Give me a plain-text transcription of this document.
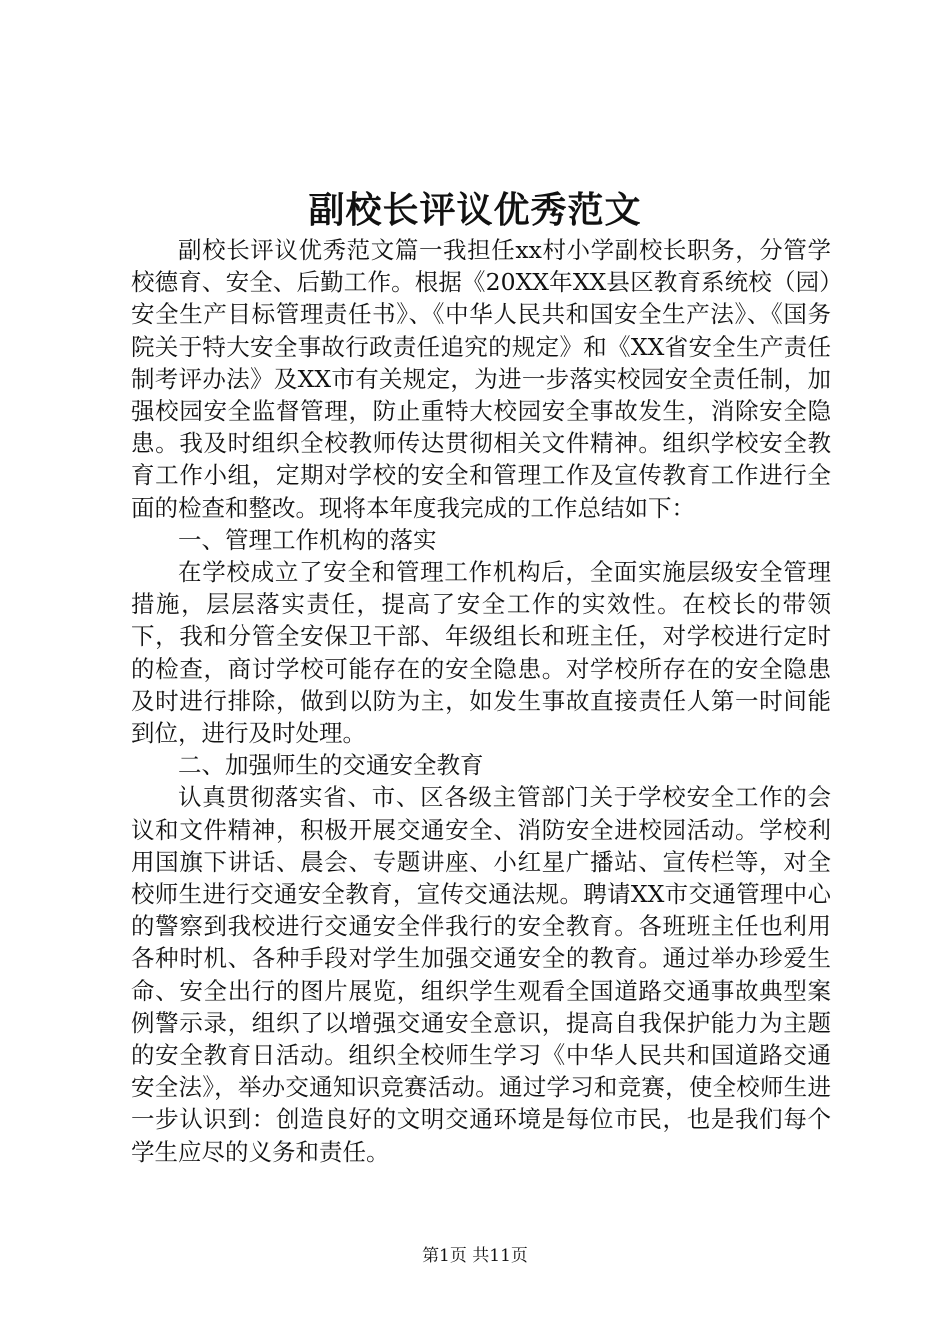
副校长评议优秀范文

副校长评议优秀范文篇一我担任xx村小学副校长职务，分管学校德育、安全、后勤工作。根据《20XX年XX县区教育系统校（园）安全生产目标管理责任书》、《中华人民共和国安全生产法》、《国务院关于特大安全事故行政责任追究的规定》和《XX省安全生产责任制考评办法》及XX市有关规定，为进一步落实校园安全责任制，加强校园安全监督管理，防止重特大校园安全事故发生，消除安全隐患。我及时组织全校教师传达贯彻相关文件精神。组织学校安全教育工作小组，定期对学校的安全和管理工作及宣传教育工作进行全面的检查和整改。现将本年度我完成的工作总结如下：

一、管理工作机构的落实

在学校成立了安全和管理工作机构后，全面实施层级安全管理措施，层层落实责任，提高了安全工作的实效性。在校长的带领下，我和分管全安保卫干部、年级组长和班主任，对学校进行定时的检查，商讨学校可能存在的安全隐患。对学校所存在的安全隐患及时进行排除，做到以防为主，如发生事故直接责任人第一时间能到位，进行及时处理。

二、加强师生的交通安全教育

认真贯彻落实省、市、区各级主管部门关于学校安全工作的会议和文件精神，积极开展交通安全、消防安全进校园活动。学校利用国旗下讲话、晨会、专题讲座、小红星广播站、宣传栏等，对全校师生进行交通安全教育，宣传交通法规。聘请XX市交通管理中心的警察到我校进行交通安全伴我行的安全教育。各班班主任也利用各种时机、各种手段对学生加强交通安全的教育。通过举办珍爱生命、安全出行的图片展览，组织学生观看全国道路交通事故典型案例警示录，组织了以增强交通安全意识，提高自我保护能力为主题的安全教育日活动。组织全校师生学习《中华人民共和国道路交通安全法》，举办交通知识竞赛活动。通过学习和竞赛，使全校师生进一步认识到：创造良好的文明交通环境是每位市民，也是我们每个学生应尽的义务和责任。

第1页 共11页
